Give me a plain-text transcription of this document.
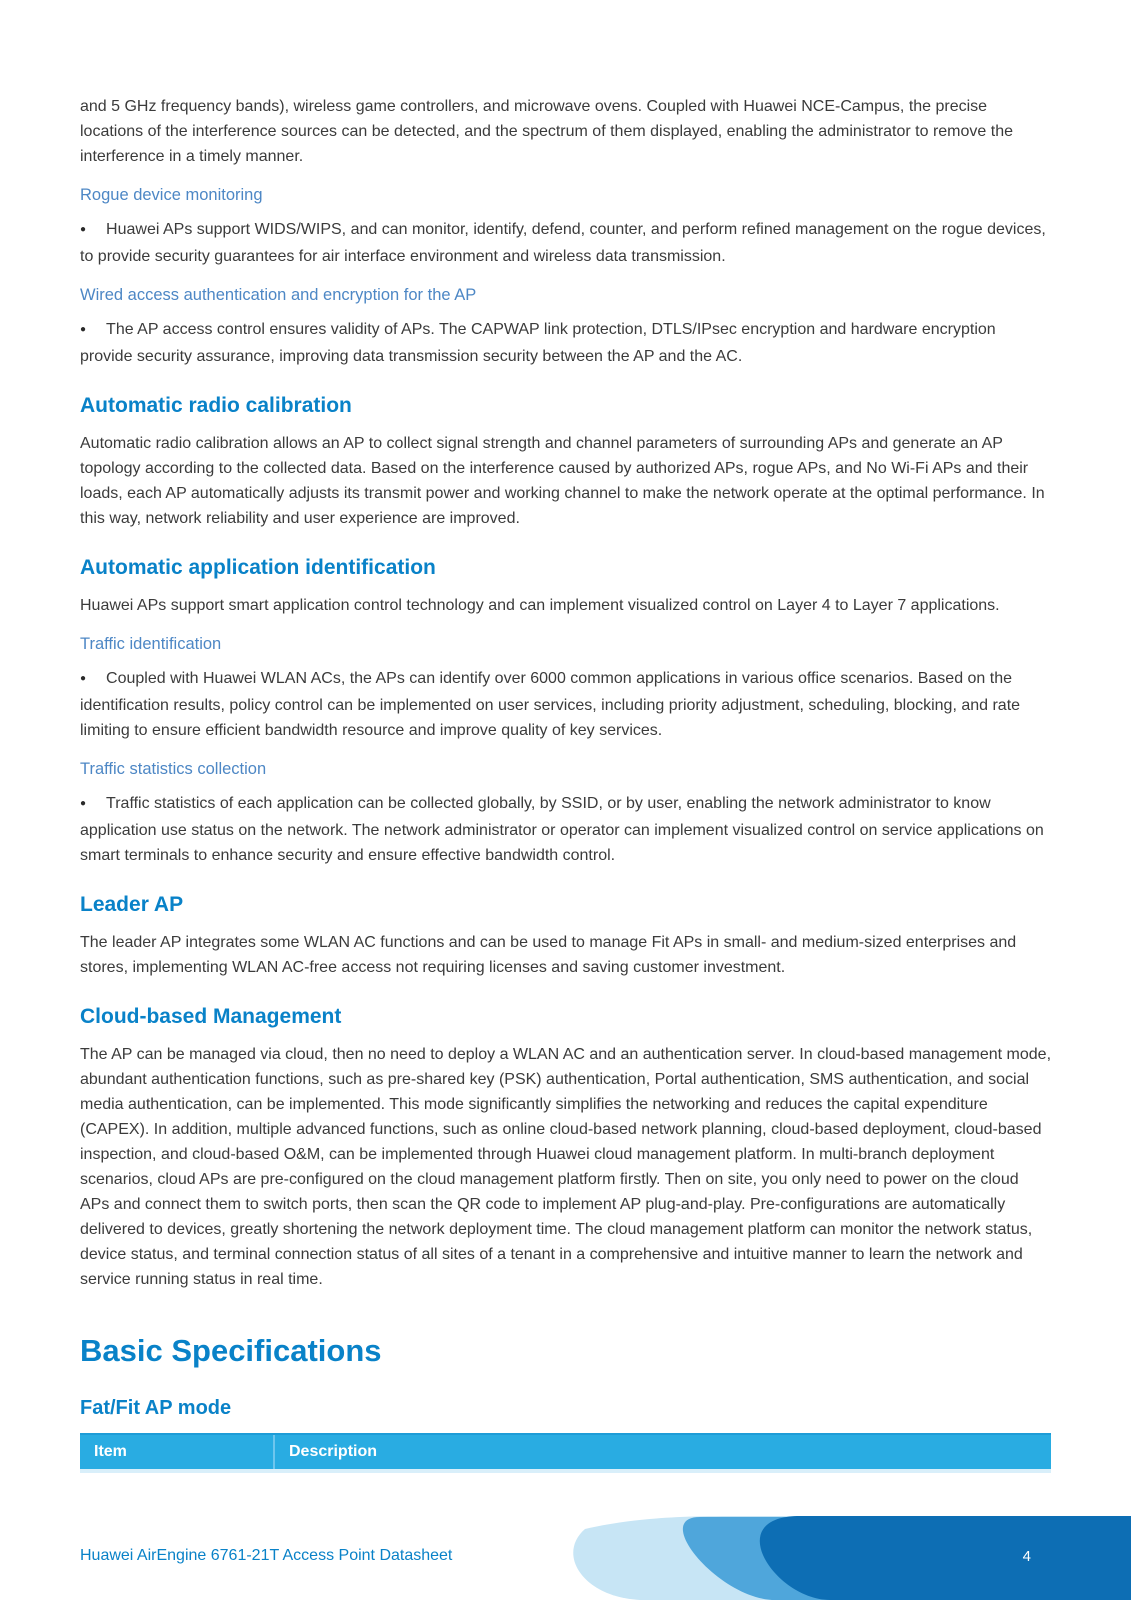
and 5 GHz frequency bands), wireless game controllers, and microwave ovens. Coupled with Huawei NCE-Campus, the precise locations of the interference sources can be detected, and the spectrum of them displayed, enabling the administrator to remove the interference in a timely manner.

Rogue device monitoring

● Huawei APs support WIDS/WIPS, and can monitor, identify, defend, counter, and perform refined management on the rogue devices, to provide security guarantees for air interface environment and wireless data transmission.

Wired access authentication and encryption for the AP

● The AP access control ensures validity of APs. The CAPWAP link protection, DTLS/IPsec encryption and hardware encryption provide security assurance, improving data transmission security between the AP and the AC.

Automatic radio calibration

Automatic radio calibration allows an AP to collect signal strength and channel parameters of surrounding APs and generate an AP topology according to the collected data. Based on the interference caused by authorized APs, rogue APs, and No Wi-Fi APs and their loads, each AP automatically adjusts its transmit power and working channel to make the network operate at the optimal performance. In this way, network reliability and user experience are improved.

Automatic application identification

Huawei APs support smart application control technology and can implement visualized control on Layer 4 to Layer 7 applications.

Traffic identification

● Coupled with Huawei WLAN ACs, the APs can identify over 6000 common applications in various office scenarios. Based on the identification results, policy control can be implemented on user services, including priority adjustment, scheduling, blocking, and rate limiting to ensure efficient bandwidth resource and improve quality of key services.

Traffic statistics collection

● Traffic statistics of each application can be collected globally, by SSID, or by user, enabling the network administrator to know application use status on the network. The network administrator or operator can implement visualized control on service applications on smart terminals to enhance security and ensure effective bandwidth control.

Leader AP

The leader AP integrates some WLAN AC functions and can be used to manage Fit APs in small- and medium-sized enterprises and stores, implementing WLAN AC-free access not requiring licenses and saving customer investment.

Cloud-based Management

The AP can be managed via cloud, then no need to deploy a WLAN AC and an authentication server. In cloud-based management mode, abundant authentication functions, such as pre-shared key (PSK) authentication, Portal authentication, SMS authentication, and social media authentication, can be implemented. This mode significantly simplifies the networking and reduces the capital expenditure (CAPEX). In addition, multiple advanced functions, such as online cloud-based network planning, cloud-based deployment, cloud-based inspection, and cloud-based O&M, can be implemented through Huawei cloud management platform. In multi-branch deployment scenarios, cloud APs are pre-configured on the cloud management platform firstly. Then on site, you only need to power on the cloud APs and connect them to switch ports, then scan the QR code to implement AP plug-and-play. Pre-configurations are automatically delivered to devices, greatly shortening the network deployment time. The cloud management platform can monitor the network status, device status, and terminal connection status of all sites of a tenant in a comprehensive and intuitive manner to learn the network and service running status in real time.

Basic Specifications
Fat/Fit AP mode
Item	Description
Huawei AirEngine 6761-21T Access Point Datasheet	4
